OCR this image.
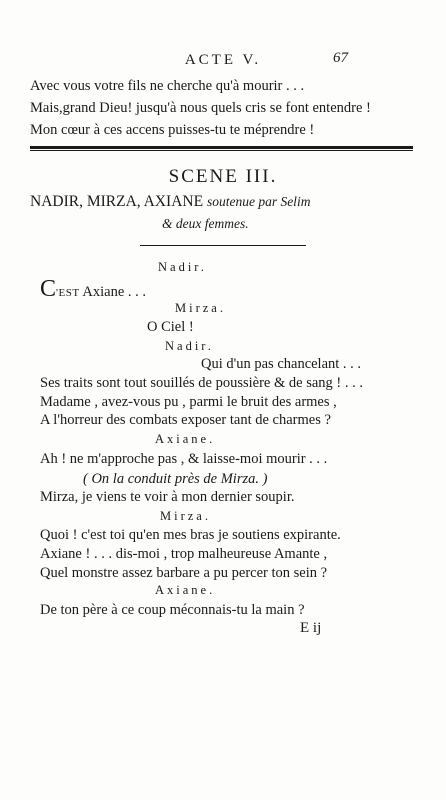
ACTE V.	67
Avec vous votre fils ne cherche qu'à mourir . . .
Mais,grand Dieu! jusqu'à nous quels cris se font entendre !
Mon cœur à ces accens puisses-tu te méprendre !
SCENE III.
NADIR, MIRZA, AXIANE soutenue par Selim
& deux femmes.
Nadir.
C'EST Axiane . . .
Mirza.
O Ciel !
Nadir.
Qui d'un pas chancelant . . .
Ses traits sont tout souillés de poussière & de sang ! . . .
Madame , avez-vous pu , parmi le bruit des armes ,
A l'horreur des combats exposer tant de charmes ?
Axiane.
Ah ! ne m'approche pas , & laisse-moi mourir . . .
( On la conduit près de Mirza. )
Mirza, je viens te voir à mon dernier soupir.
Mirza.
Quoi ! c'est toi qu'en mes bras je soutiens expirante.
Axiane ! . . . dis-moi , trop malheureuse Amante ,
Quel monstre assez barbare a pu percer ton sein ?
Axiane.
De ton père à ce coup méconnais-tu la main ?
E ij
